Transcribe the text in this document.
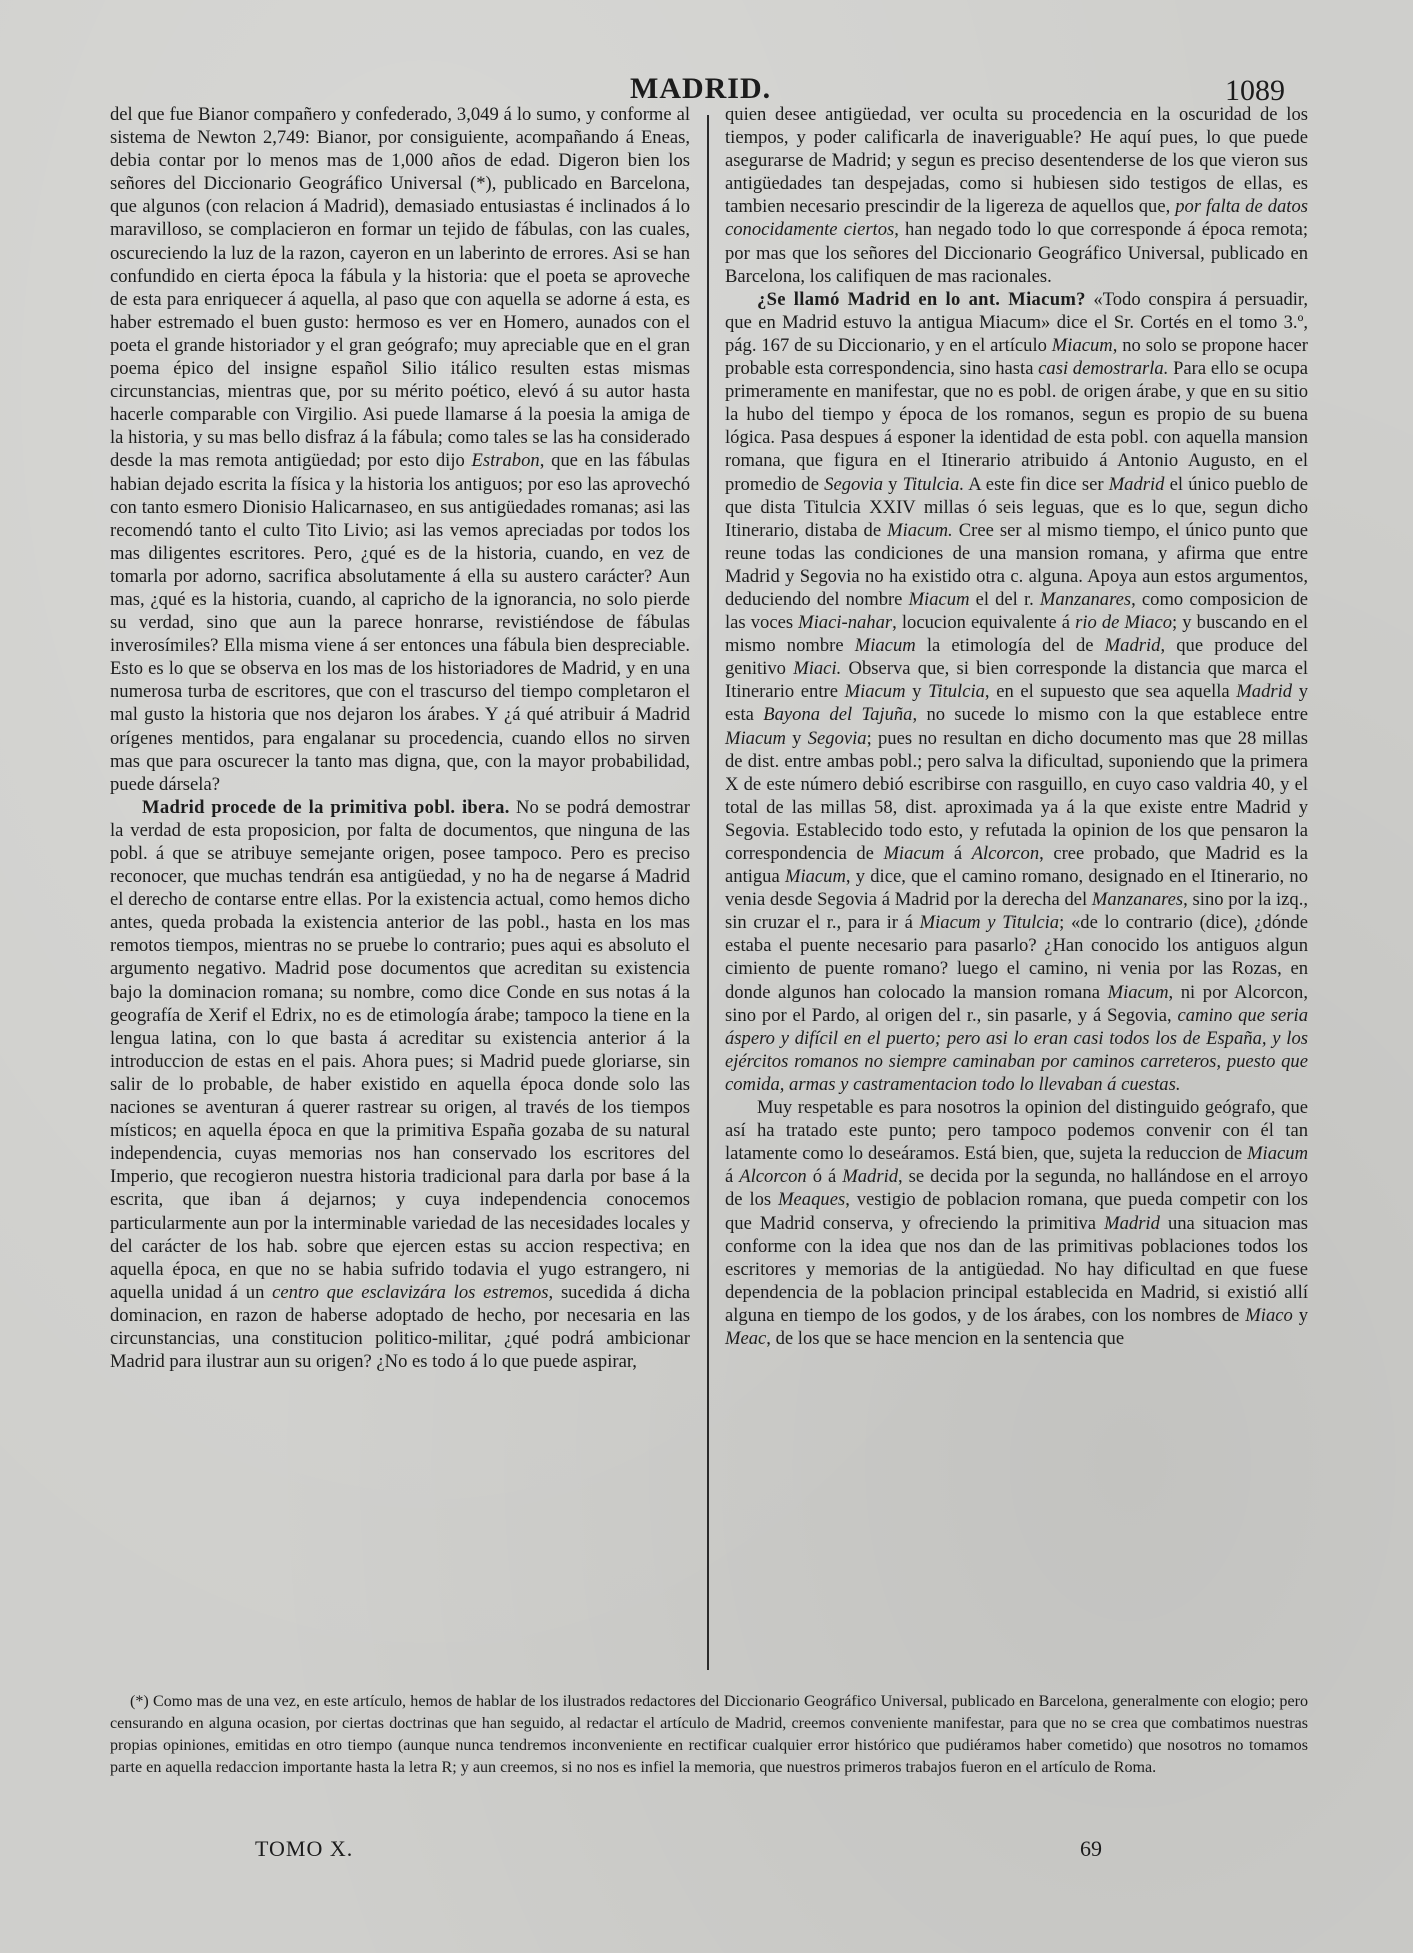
MADRID.	1089

del que fue Bianor compañero y confederado, 3,049 á lo sumo, y conforme al sistema de Newton 2,749: Bianor, por consiguiente, acompañando á Eneas, debia contar por lo menos mas de 1,000 años de edad. Digeron bien los señores del Diccionario Geográfico Universal (*), publicado en Barcelona, que algunos (con relacion á Madrid), demasiado entusiastas é inclinados á lo maravilloso, se complacieron en formar un tejido de fábulas, con las cuales, oscureciendo la luz de la razon, cayeron en un laberinto de errores. Asi se han confundido en cierta época la fábula y la historia: que el poeta se aproveche de esta para enriquecer á aquella, al paso que con aquella se adorne á esta, es haber estremado el buen gusto: hermoso es ver en Homero, aunados con el poeta el grande historiador y el gran geógrafo; muy apreciable que en el gran poema épico del insigne español Silio itálico resulten estas mismas circunstancias, mientras que, por su mérito poético, elevó á su autor hasta hacerle comparable con Virgilio. Asi puede llamarse á la poesia la amiga de la historia, y su mas bello disfraz á la fábula; como tales se las ha considerado desde la mas remota antigüedad; por esto dijo Estrabon, que en las fábulas habian dejado escrita la física y la historia los antiguos; por eso las aprovechó con tanto esmero Dionisio Halicarnaseo, en sus antigüedades romanas; asi las recomendó tanto el culto Tito Livio; asi las vemos apreciadas por todos los mas diligentes escritores. Pero, ¿qué es de la historia, cuando, en vez de tomarla por adorno, sacrifica absolutamente á ella su austero carácter? Aun mas, ¿qué es la historia, cuando, al capricho de la ignorancia, no solo pierde su verdad, sino que aun la parece honrarse, revistiéndose de fábulas inverosímiles? Ella misma viene á ser entonces una fábula bien despreciable. Esto es lo que se observa en los mas de los historiadores de Madrid, y en una numerosa turba de escritores, que con el trascurso del tiempo completaron el mal gusto la historia que nos dejaron los árabes. Y ¿á qué atribuir á Madrid orígenes mentidos, para engalanar su procedencia, cuando ellos no sirven mas que para oscurecer la tanto mas digna, que, con la mayor probabilidad, puede dársela?

Madrid procede de la primitiva pobl. ibera. No se podrá demostrar la verdad de esta proposicion, por falta de documentos, que ninguna de las pobl. á que se atribuye semejante origen, posee tampoco. Pero es preciso reconocer, que muchas tendrán esa antigüedad, y no ha de negarse á Madrid el derecho de contarse entre ellas. Por la existencia actual, como hemos dicho antes, queda probada la existencia anterior de las pobl., hasta en los mas remotos tiempos, mientras no se pruebe lo contrario; pues aqui es absoluto el argumento negativo. Madrid pose documentos que acreditan su existencia bajo la dominacion romana; su nombre, como dice Conde en sus notas á la geografía de Xerif el Edrix, no es de etimología árabe; tampoco la tiene en la lengua latina, con lo que basta á acreditar su existencia anterior á la introduccion de estas en el pais. Ahora pues; si Madrid puede gloriarse, sin salir de lo probable, de haber existido en aquella época donde solo las naciones se aventuran á querer rastrear su origen, al través de los tiempos místicos; en aquella época en que la primitiva España gozaba de su natural independencia, cuyas memorias nos han conservado los escritores del Imperio, que recogieron nuestra historia tradicional para darla por base á la escrita, que iban á dejarnos; y cuya independencia conocemos particularmente aun por la interminable variedad de las necesidades locales y del carácter de los hab. sobre que ejercen estas su accion respectiva; en aquella época, en que no se habia sufrido todavia el yugo estrangero, ni aquella unidad á un centro que esclavizára los estremos, sucedida á dicha dominacion, en razon de haberse adoptado de hecho, por necesaria en las circunstancias, una constitucion politico-militar, ¿qué podrá ambicionar Madrid para ilustrar aun su origen? ¿No es todo á lo que puede aspirar,

quien desee antigüedad, ver oculta su procedencia en la oscuridad de los tiempos, y poder calificarla de inaveriguable? He aquí pues, lo que puede asegurarse de Madrid; y segun es preciso desentenderse de los que vieron sus antigüedades tan despejadas, como si hubiesen sido testigos de ellas, es tambien necesario prescindir de la ligereza de aquellos que, por falta de datos conocidamente ciertos, han negado todo lo que corresponde á época remota; por mas que los señores del Diccionario Geográfico Universal, publicado en Barcelona, los califiquen de mas racionales.

¿Se llamó Madrid en lo ant. Miacum? «Todo conspira á persuadir, que en Madrid estuvo la antigua Miacum» dice el Sr. Cortés en el tomo 3.º, pág. 167 de su Diccionario, y en el artículo Miacum, no solo se propone hacer probable esta correspondencia, sino hasta casi demostrarla. Para ello se ocupa primeramente en manifestar, que no es pobl. de origen árabe, y que en su sitio la hubo del tiempo y época de los romanos, segun es propio de su buena lógica. Pasa despues á esponer la identidad de esta pobl. con aquella mansion romana, que figura en el Itinerario atribuido á Antonio Augusto, en el promedio de Segovia y Titulcia. A este fin dice ser Madrid el único pueblo de que dista Titulcia XXIV millas ó seis leguas, que es lo que, segun dicho Itinerario, distaba de Miacum. Cree ser al mismo tiempo, el único punto que reune todas las condiciones de una mansion romana, y afirma que entre Madrid y Segovia no ha existido otra c. alguna. Apoya aun estos argumentos, deduciendo del nombre Miacum el del r. Manzanares, como composicion de las voces Miaci-nahar, locucion equivalente á rio de Miaco; y buscando en el mismo nombre Miacum la etimología del de Madrid, que produce del genitivo Miaci. Observa que, si bien corresponde la distancia que marca el Itinerario entre Miacum y Titulcia, en el supuesto que sea aquella Madrid y esta Bayona del Tajuña, no sucede lo mismo con la que establece entre Miacum y Segovia; pues no resultan en dicho documento mas que 28 millas de dist. entre ambas pobl.; pero salva la dificultad, suponiendo que la primera X de este número debió escribirse con rasguillo, en cuyo caso valdria 40, y el total de las millas 58, dist. aproximada ya á la que existe entre Madrid y Segovia. Establecido todo esto, y refutada la opinion de los que pensaron la correspondencia de Miacum á Alcorcon, cree probado, que Madrid es la antigua Miacum, y dice, que el camino romano, designado en el Itinerario, no venia desde Segovia á Madrid por la derecha del Manzanares, sino por la izq., sin cruzar el r., para ir á Miacum y Titulcia; «de lo contrario (dice), ¿dónde estaba el puente necesario para pasarlo? ¿Han conocido los antiguos algun cimiento de puente romano? luego el camino, ni venia por las Rozas, en donde algunos han colocado la mansion romana Miacum, ni por Alcorcon, sino por el Pardo, al origen del r., sin pasarle, y á Segovia, camino que seria áspero y difícil en el puerto; pero asi lo eran casi todos los de España, y los ejércitos romanos no siempre caminaban por caminos carreteros, puesto que comida, armas y castramentacion todo lo llevaban á cuestas.

Muy respetable es para nosotros la opinion del distinguido geógrafo, que así ha tratado este punto; pero tampoco podemos convenir con él tan latamente como lo deseáramos. Está bien, que, sujeta la reduccion de Miacum á Alcorcon ó á Madrid, se decida por la segunda, no hallándose en el arroyo de los Meaques, vestigio de poblacion romana, que pueda competir con los que Madrid conserva, y ofreciendo la primitiva Madrid una situacion mas conforme con la idea que nos dan de las primitivas poblaciones todos los escritores y memorias de la antigüedad. No hay dificultad en que fuese dependencia de la poblacion principal establecida en Madrid, si existió allí alguna en tiempo de los godos, y de los árabes, con los nombres de Miaco y Meac, de los que se hace mencion en la sentencia que

(*) Como mas de una vez, en este artículo, hemos de hablar de los ilustrados redactores del Diccionario Geográfico Universal, publicado en Barcelona, generalmente con elogio; pero censurando en alguna ocasion, por ciertas doctrinas que han seguido, al redactar el artículo de Madrid, creemos conveniente manifestar, para que no se crea que combatimos nuestras propias opiniones, emitidas en otro tiempo (aunque nunca tendremos inconveniente en rectificar cualquier error histórico que pudiéramos haber cometido) que nosotros no tomamos parte en aquella redaccion importante hasta la letra R; y aun creemos, si no nos es infiel la memoria, que nuestros primeros trabajos fueron en el artículo de Roma.

TOMO X.	69
